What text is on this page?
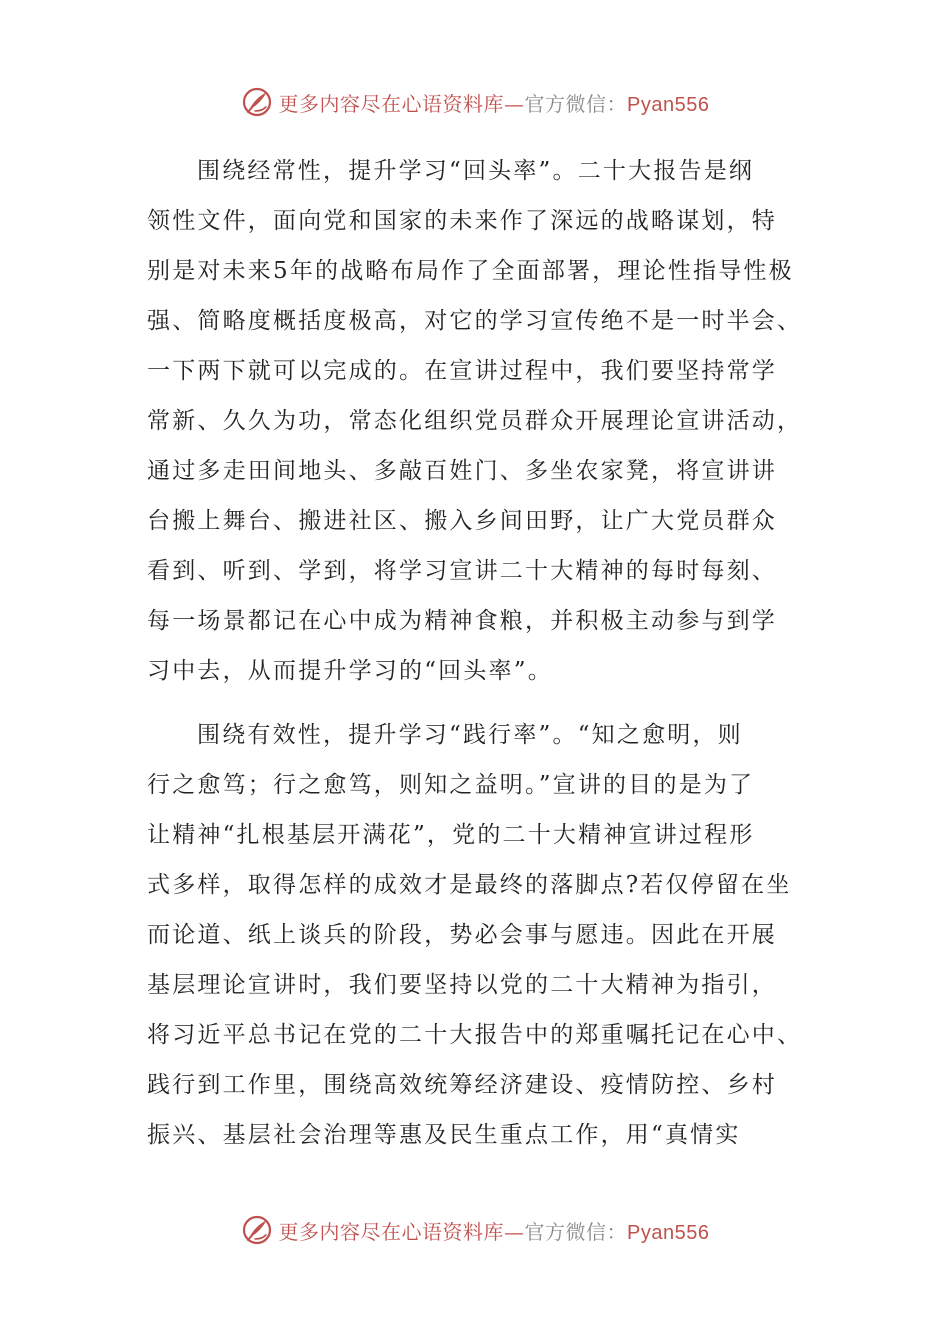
更多内容尽在心语资料库—官方微信：Pyan556
围绕经常性，提升学习“回头率”。二十大报告是纲
领性文件，面向党和国家的未来作了深远的战略谋划，特
别是对未来5年的战略布局作了全面部署，理论性指导性极
强、简略度概括度极高，对它的学习宣传绝不是一时半会、
一下两下就可以完成的。在宣讲过程中，我们要坚持常学
常新、久久为功，常态化组织党员群众开展理论宣讲活动，
通过多走田间地头、多敲百姓门、多坐农家凳，将宣讲讲
台搬上舞台、搬进社区、搬入乡间田野，让广大党员群众
看到、听到、学到，将学习宣讲二十大精神的每时每刻、
每一场景都记在心中成为精神食粮，并积极主动参与到学
习中去，从而提升学习的“回头率”。
围绕有效性，提升学习“践行率”。“知之愈明，则
行之愈笃；行之愈笃，则知之益明。”宣讲的目的是为了
让精神“扎根基层开满花”，党的二十大精神宣讲过程形
式多样，取得怎样的成效才是最终的落脚点?若仅停留在坐
而论道、纸上谈兵的阶段，势必会事与愿违。因此在开展
基层理论宣讲时，我们要坚持以党的二十大精神为指引，
将习近平总书记在党的二十大报告中的郑重嘱托记在心中、
践行到工作里，围绕高效统筹经济建设、疫情防控、乡村
振兴、基层社会治理等惠及民生重点工作，用“真情实
更多内容尽在心语资料库—官方微信：Pyan556
